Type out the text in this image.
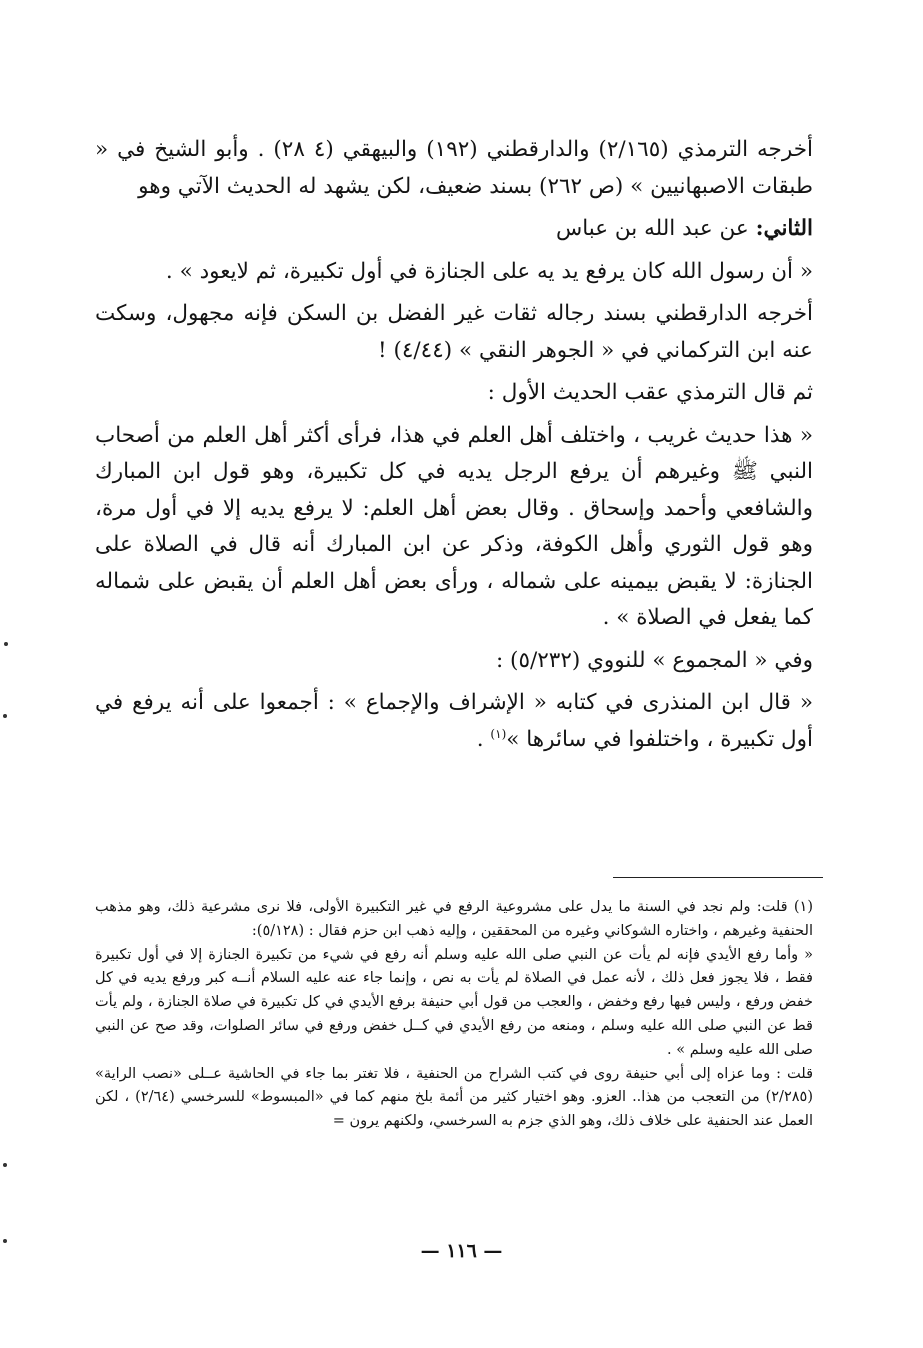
أخرجه الترمذي (٢/١٦٥) والدارقطني (١٩٢) والبيهقي (٤ ٢٨) . وأبو الشيخ في « طبقات الاصبهانيين » (ص ٢٦٢) بسند ضعيف، لكن يشهد له الحديث الآتي وهو

الثاني: عن عبد الله بن عباس

« أن رسول الله كان يرفع يد يه على الجنازة في أول تكبيرة، ثم لايعود » .

أخرجه الدارقطني بسند رجاله ثقات غير الفضل بن السكن فإنه مجهول، وسكت عنه ابن التركماني في « الجوهر النقي » (٤/٤٤) !

ثم قال الترمذي عقب الحديث الأول :

« هذا حديث غريب ، واختلف أهل العلم في هذا، فرأى أكثر أهل العلم من أصحاب النبي ﷺ وغيرهم أن يرفع الرجل يديه في كل تكبيرة، وهو قول ابن المبارك والشافعي وأحمد وإسحاق . وقال بعض أهل العلم: لا يرفع يديه إلا في أول مرة، وهو قول الثوري وأهل الكوفة، وذكر عن ابن المبارك أنه قال في الصلاة على الجنازة: لا يقبض بيمينه على شماله ، ورأى بعض أهل العلم أن يقبض على شماله كما يفعل في الصلاة » .

وفي « المجموع » للنووي (٥/٢٣٢) :

« قال ابن المنذرى في كتابه « الإشراف والإجماع » : أجمعوا على أنه يرفع في أول تكبيرة ، واختلفوا في سائرها »$^{(١)}$ .

(١) قلت: ولم نجد في السنة ما يدل على مشروعية الرفع في غير التكبيرة الأولى، فلا نرى مشرعية ذلك، وهو مذهب الحنفية وغيرهم ، واختاره الشوكاني وغيره من المحققين ، وإليه ذهب ابن حزم فقال : (٥/١٢٨):

« وأما رفع الأيدي فإنه لم يأت عن النبي صلى الله عليه وسلم أنه رفع في شيء من تكبيرة الجنازة إلا في أول تكبيرة فقط ، فلا يجوز فعل ذلك ، لأنه عمل في الصلاة لم يأت به نص ، وإنما جاء عنه عليه السلام أنــه كبر ورفع يديه في كل خفض ورفع ، وليس فيها رفع وخفض ، والعجب من قول أبي حنيفة برفع الأيدي في كل تكبيرة في صلاة الجنازة ، ولم يأت قط عن النبي صلى الله عليه وسلم ، ومنعه من رفع الأيدي في كــل خفض ورفع في سائر الصلوات، وقد صح عن النبي صلى الله عليه وسلم » .

قلت : وما عزاه إلى أبي حنيفة روى في كتب الشراح من الحنفية ، فلا تغتر بما جاء في الحاشية عــلى «نصب الراية» (٢/٢٨٥) من التعجب من هذا.. العزو. وهو اختيار كثير من أئمة بلخ منهم كما في «المبسوط» للسرخسي (٢/٦٤) ، لكن العمل عند الحنفية على خلاف ذلك، وهو الذي جزم به السرخسي، ولكنهم يرون =

— ١١٦ —
